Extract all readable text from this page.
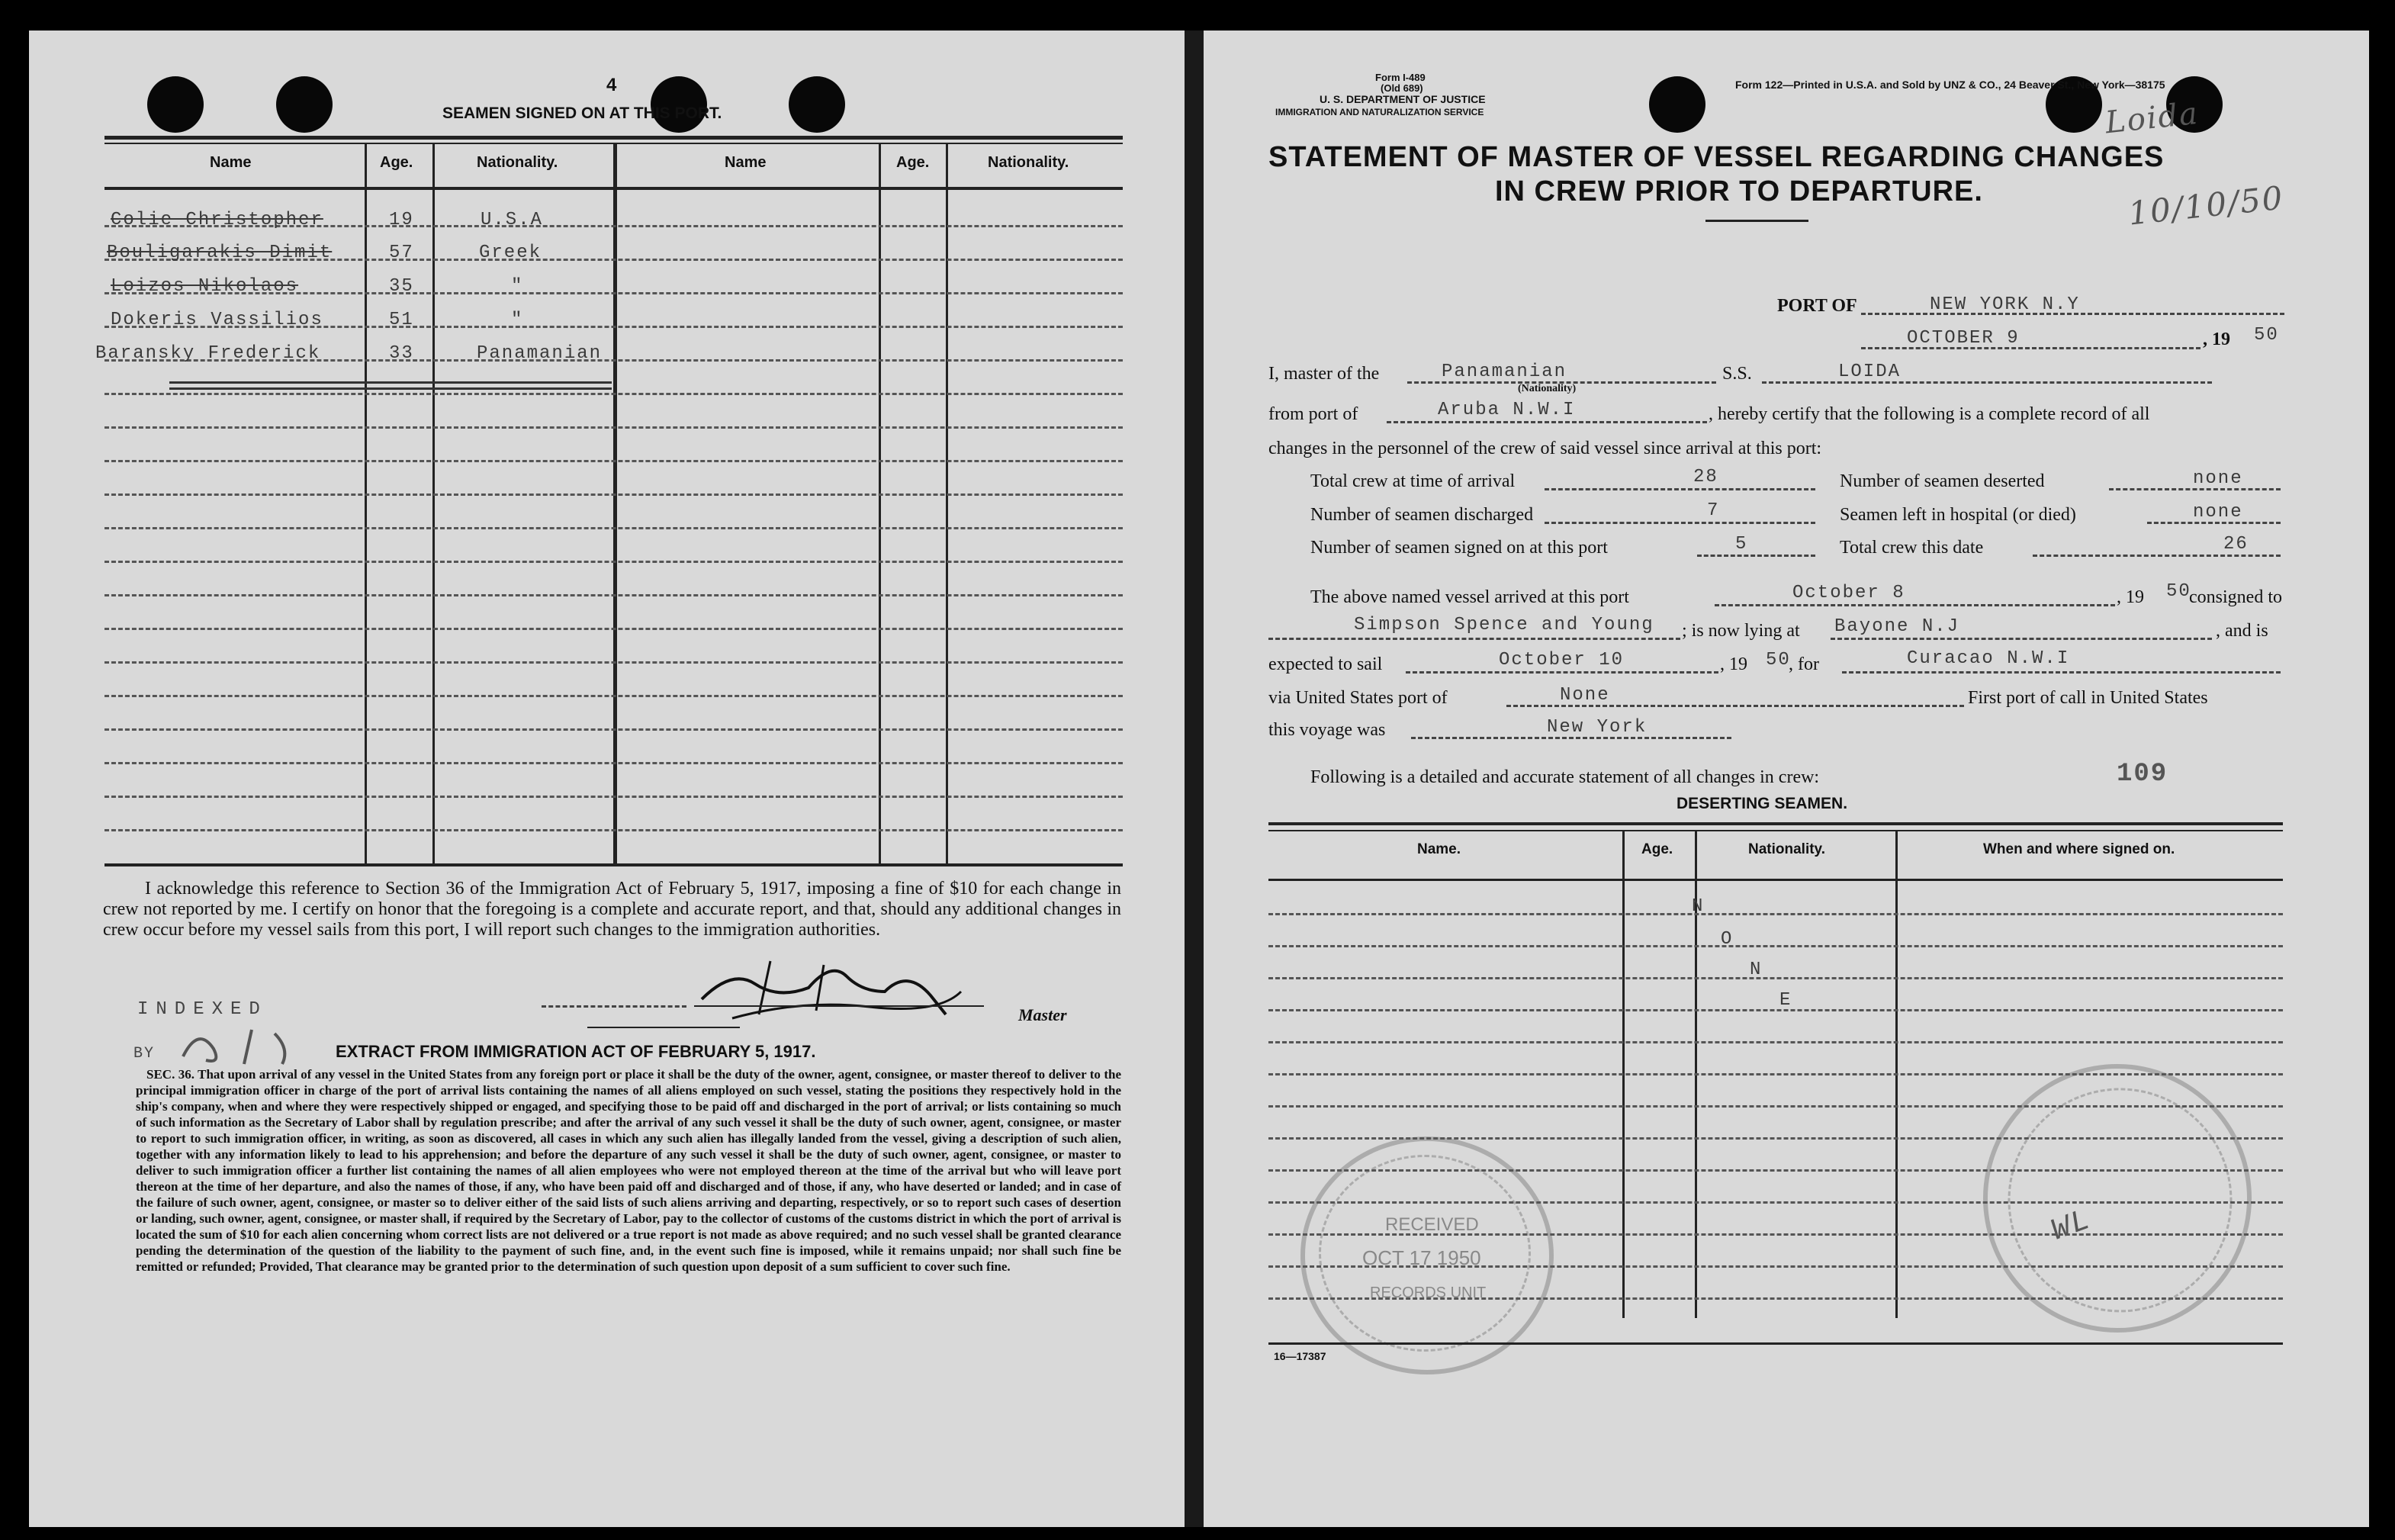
4
SEAMEN SIGNED ON AT THIS PORT.
Name	Age.	Nationality.	Name	Age.	Nationality.
Colie Christopher	19	U.S.A
Bouligarakis Dimit	57	Greek
Loizos Nikolaos	35	"
Dokeris Vassilios	51	"
Baransky Frederick	33	Panamanian
I acknowledge this reference to Section 36 of the Immigration Act of February 5, 1917, imposing a fine of $10 for each change in crew not reported by me. I certify on honor that the foregoing is a complete and accurate report, and that, should any additional changes in crew occur before my vessel sails from this port, I will report such changes to the immigration authorities.
Master
INDEXED
BY	EXTRACT FROM IMMIGRATION ACT OF FEBRUARY 5, 1917.
SEC. 36. That upon arrival of any vessel in the United States from any foreign port or place it shall be the duty of the owner, agent, consignee, or master thereof to deliver to the principal immigration officer in charge of the port of arrival lists containing the names of all aliens employed on such vessel, stating the positions they respectively hold in the ship's company, when and where they were respectively shipped or engaged, and specifying those to be paid off and discharged in the port of arrival; or lists containing so much of such information as the Secretary of Labor shall by regulation prescribe; and after the arrival of any such vessel it shall be the duty of such owner, agent, consignee, or master to report to such immigration officer, in writing, as soon as discovered, all cases in which any such alien has illegally landed from the vessel, giving a description of such alien, together with any information likely to lead to his apprehension; and before the departure of any such vessel it shall be the duty of such owner, agent, consignee, or master to deliver to such immigration officer a further list containing the names of all alien employees who were not employed thereon at the time of the arrival but who will leave port thereon at the time of her departure, and also the names of those, if any, who have been paid off and discharged and of those, if any, who have deserted or landed; and in case of the failure of such owner, agent, consignee, or master so to deliver either of the said lists of such aliens arriving and departing, respectively, or so to report such cases of desertion or landing, such owner, agent, consignee, or master shall, if required by the Secretary of Labor, pay to the collector of customs of the customs district in which the port of arrival is located the sum of $10 for each alien concerning whom correct lists are not delivered or a true report is not made as above required; and no such vessel shall be granted clearance pending the determination of the question of the liability to the payment of such fine, and, in the event such fine is imposed, while it remains unpaid; nor shall such fine be remitted or refunded; Provided, That clearance may be granted prior to the determination of such question upon deposit of a sum sufficient to cover such fine.
Form I-489
(Old 689)
U. S. DEPARTMENT OF JUSTICE
IMMIGRATION AND NATURALIZATION SERVICE
Form 122—Printed in U.S.A. and Sold by UNZ & CO., 24 Beaver St., New York—38175
Loida
10/10/50
STATEMENT OF MASTER OF VESSEL REGARDING CHANGES
IN CREW PRIOR TO DEPARTURE.
PORT OF	NEW YORK N.Y
OCTOBER 9	, 19 50
I, master of the	Panamanian
(Nationality)
S.S.	LOIDA
from port of	Aruba N.W.I	, hereby certify that the following is a complete record of all
changes in the personnel of the crew of said vessel since arrival at this port:
Total crew at time of arrival	28
Number of seamen discharged	7
Number of seamen signed on at this port	5
Number of seamen deserted	none
Seamen left in hospital (or died)	none
Total crew this date	26
The above named vessel arrived at this port	October 8	, 19 50
consigned to
Simpson Spence and Young ; is now lying at Bayone N.J	, and is
expected to sail	October 10	, 19 50
, for	Curacao N.W.I
via United States port of	None	First port of call in United States
this voyage was	New York
Following is a detailed and accurate statement of all changes in crew:	109
DESERTING SEAMEN.
Name.	Age.	Nationality.	When and where signed on.
N
O
N
E
RECEIVED
OCT 17 1950
RECORDS UNIT
WL
16—17387
